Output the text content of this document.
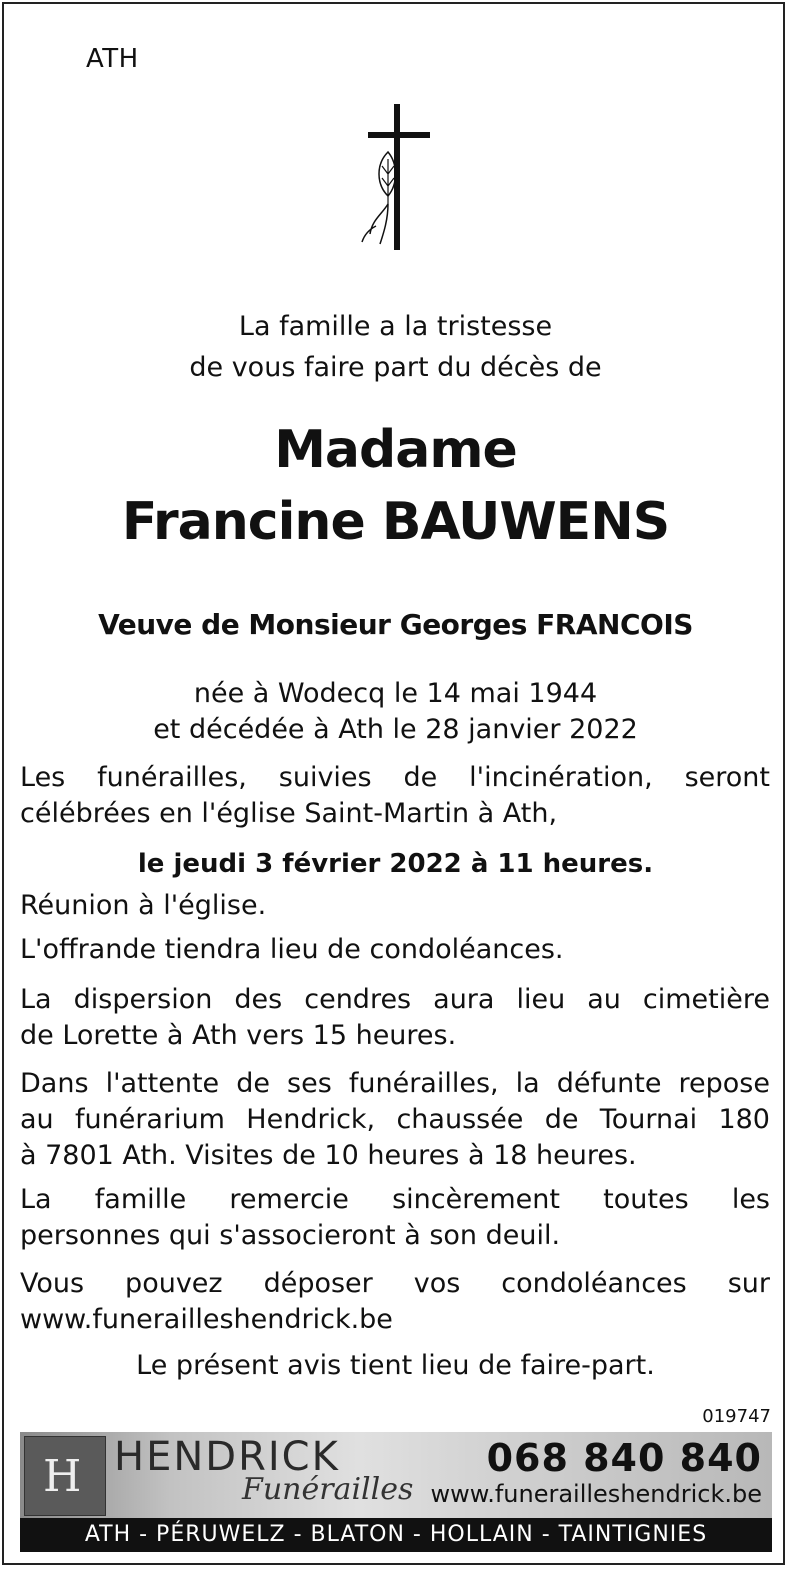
ATH
La famille a la tristesse
de vous faire part du décès de
Madame
Francine BAUWENS
Veuve de Monsieur Georges FRANCOIS
née à Wodecq le 14 mai 1944
et décédée à Ath le 28 janvier 2022
Les funérailles, suivies de l'incinération, seront
célébrées en l'église Saint-Martin à Ath,
le jeudi 3 février 2022 à 11 heures.
Réunion à l'église.
L'offrande tiendra lieu de condoléances.
La dispersion des cendres aura lieu au cimetière
de Lorette à Ath vers 15 heures.
Dans l'attente de ses funérailles, la défunte repose
au funérarium Hendrick, chaussée de Tournai 180
à 7801 Ath. Visites de 10 heures à 18 heures.
La famille remercie sincèrement toutes les
personnes qui s'associeront à son deuil.
Vous pouvez déposer vos condoléances sur
www.funerailleshendrick.be
Le présent avis tient lieu de faire-part.
019747
H HENDRICK
Funérailles
068 840 840
www.funerailleshendrick.be
ATH - PÉRUWELZ - BLATON - HOLLAIN - TAINTIGNIES
